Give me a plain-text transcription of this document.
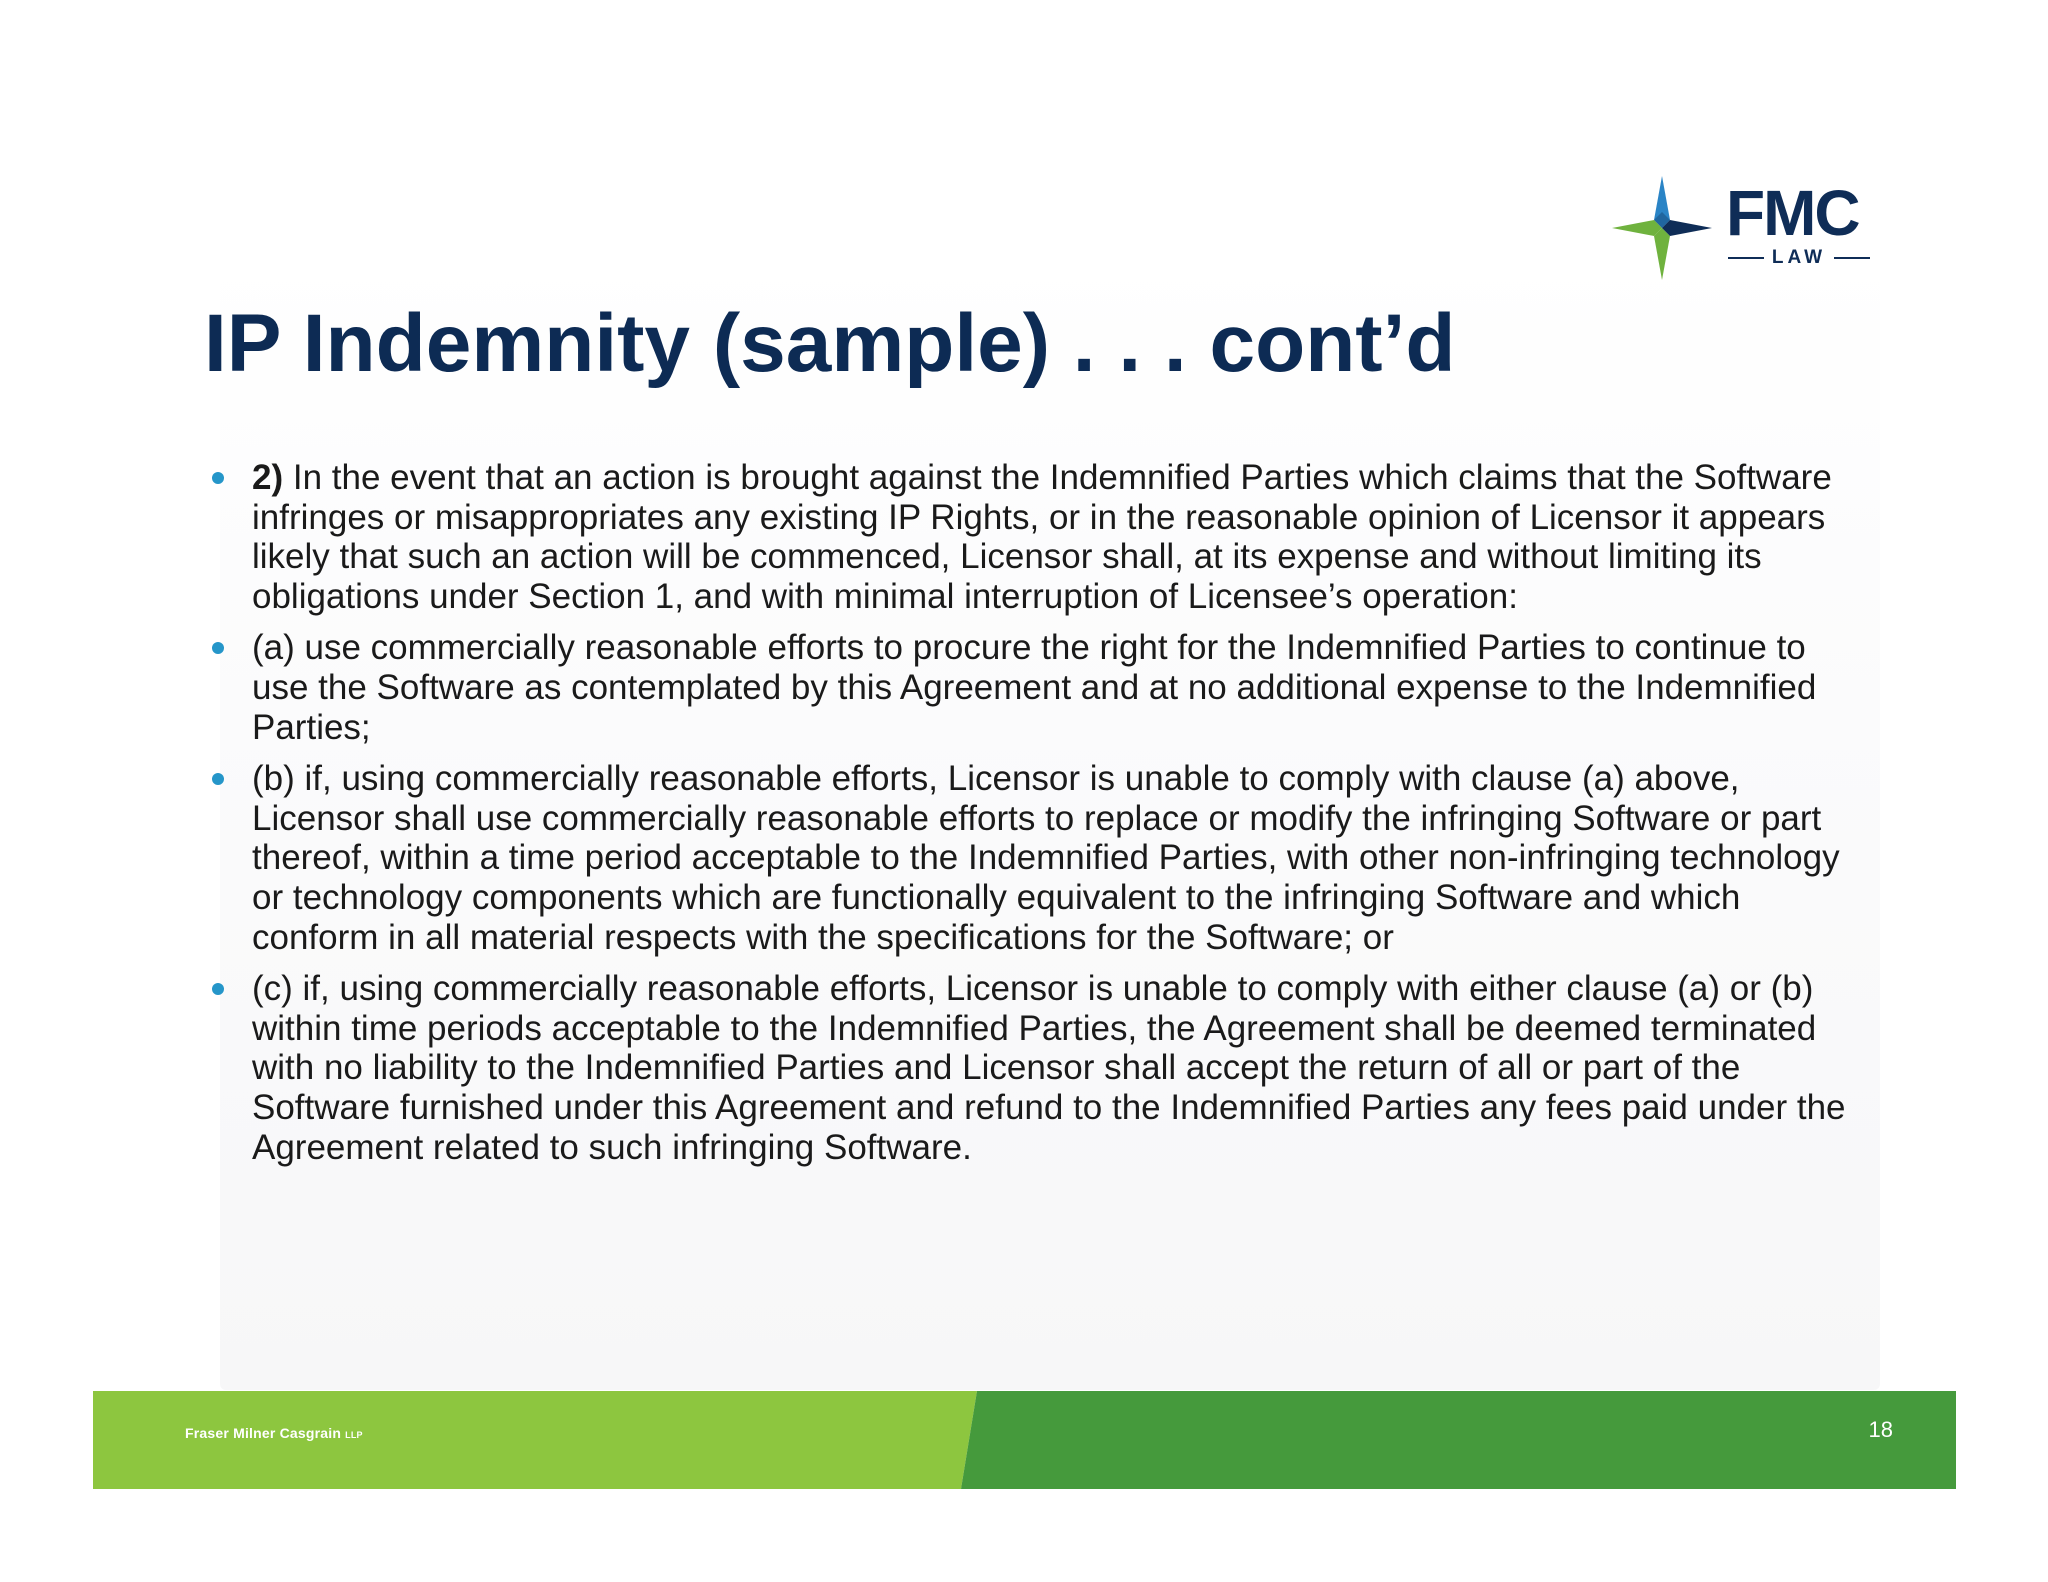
FMC
LAW
IP Indemnity (sample) . . . cont’d
2) In the event that an action is brought against the Indemnified Parties which claims that the Software infringes or misappropriates any existing IP Rights, or in the reasonable opinion of Licensor it appears likely that such an action will be commenced, Licensor shall, at its expense and without limiting its obligations under Section 1, and with minimal interruption of Licensee’s operation:
(a) use commercially reasonable efforts to procure the right for the Indemnified Parties to continue to use the Software as contemplated by this Agreement and at no additional expense to the Indemnified Parties;
(b) if, using commercially reasonable efforts, Licensor is unable to comply with clause (a) above, Licensor shall use commercially reasonable efforts to replace or modify the infringing Software or part thereof, within a time period acceptable to the Indemnified Parties, with other non-infringing technology or technology components which are functionally equivalent to the infringing Software and which conform in all material respects with the specifications for the Software; or
(c) if, using commercially reasonable efforts, Licensor is unable to comply with either clause (a) or (b) within time periods acceptable to the Indemnified Parties, the Agreement shall be deemed terminated with no liability to the Indemnified Parties and Licensor shall accept the return of all or part of the Software furnished under this Agreement and refund to the Indemnified Parties any fees paid under the Agreement related to such infringing Software.
Fraser Milner Casgrain LLP	18
